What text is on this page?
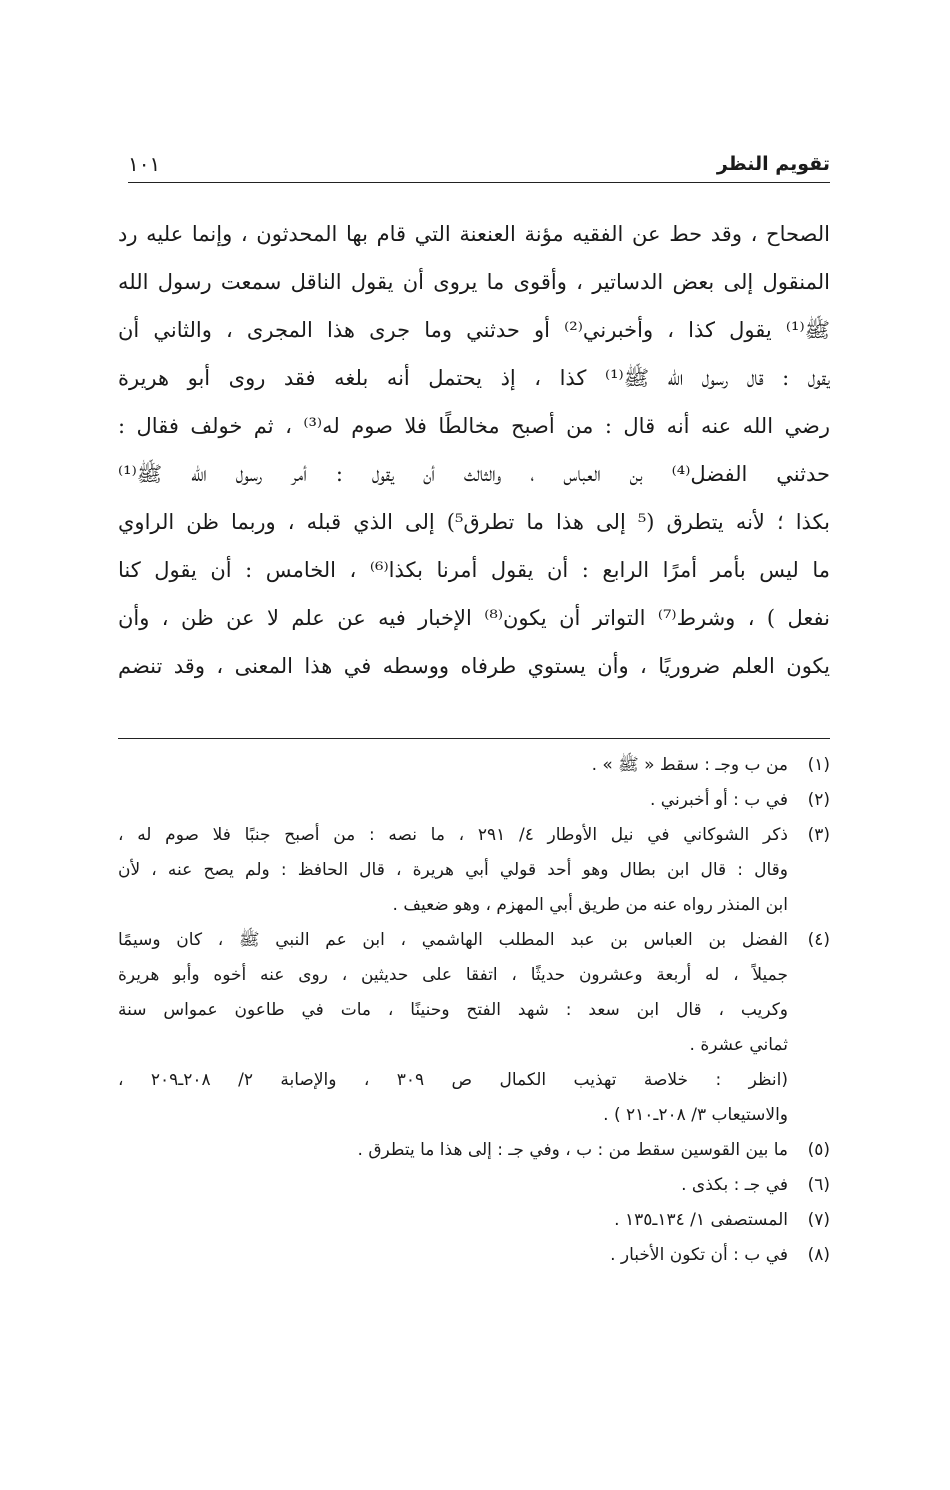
تقويم النظر
١٠١
الصحاح ، وقد حط عن الفقيه مؤنة العنعنة التي قام بها المحدثون ، وإنما عليه رد
المنقول إلى بعض الدساتير ، وأقوى ما يروى أن يقول الناقل سمعت رسول الله
ﷺ⁽¹⁾ يقول كذا ، وأخبرني⁽²⁾ أو حدثني وما جرى هذا المجرى ، والثاني أن
يقول : قال رسول الله ﷺ⁽¹⁾ كذا ، إذ يحتمل أنه بلغه فقد روى أبو هريرة
رضي الله عنه أنه قال : من أصبح مخالطًا فلا صوم له⁽³⁾ ، ثم خولف فقال :
حدثني الفضل⁽⁴⁾ بن العباس ، والثالث أن يقول : أمر رسول الله ﷺ⁽¹⁾
بكذا ؛ لأنه يتطرق (⁵ إلى هذا ما تطرق⁵) إلى الذي قبله ، وربما ظن الراوي
ما ليس بأمر أمرًا الرابع : أن يقول أمرنا بكذا⁽⁶⁾ ، الخامس : أن يقول كنا
نفعل ) ، وشرط⁽⁷⁾ التواتر أن يكون⁽⁸⁾ الإخبار فيه عن علم لا عن ظن ، وأن
يكون العلم ضروريًا ، وأن يستوي طرفاه ووسطه في هذا المعنى ، وقد تنضم
(١)
من ب وجـ : سقط « ﷺ » .
(٢)
في ب : أو أخبرني .
(٣)
ذكر الشوكاني في نيل الأوطار ٤/ ٢٩١ ، ما نصه : من أصبح جنبًا فلا صوم له ،
وقال : قال ابن بطال وهو أحد قولي أبي هريرة ، قال الحافظ : ولم يصح عنه ، لأن
ابن المنذر رواه عنه من طريق أبي المهزم ، وهو ضعيف .
(٤)
الفضل بن العباس بن عبد المطلب الهاشمي ، ابن عم النبي ﷺ ، كان وسيمًا
جميلاً ، له أربعة وعشرون حديثًا ، اتفقا على حديثين ، روى عنه أخوه وأبو هريرة
وكريب ، قال ابن سعد : شهد الفتح وحنينًا ، مات في طاعون عمواس سنة
ثماني عشرة .
(انظر : خلاصة تهذيب الكمال ص ٣٠٩ ، والإصابة ٢/ ٢٠٨ـ٢٠٩ ،
والاستيعاب ٣/ ٢٠٨ـ٢١٠ ) .
(٥)
ما بين القوسين سقط من : ب ، وفي جـ : إلى هذا ما يتطرق .
(٦)
في جـ : بكذى .
(٧)
المستصفى ١/ ١٣٤ـ١٣٥ .
(٨)
في ب : أن تكون الأخبار .
